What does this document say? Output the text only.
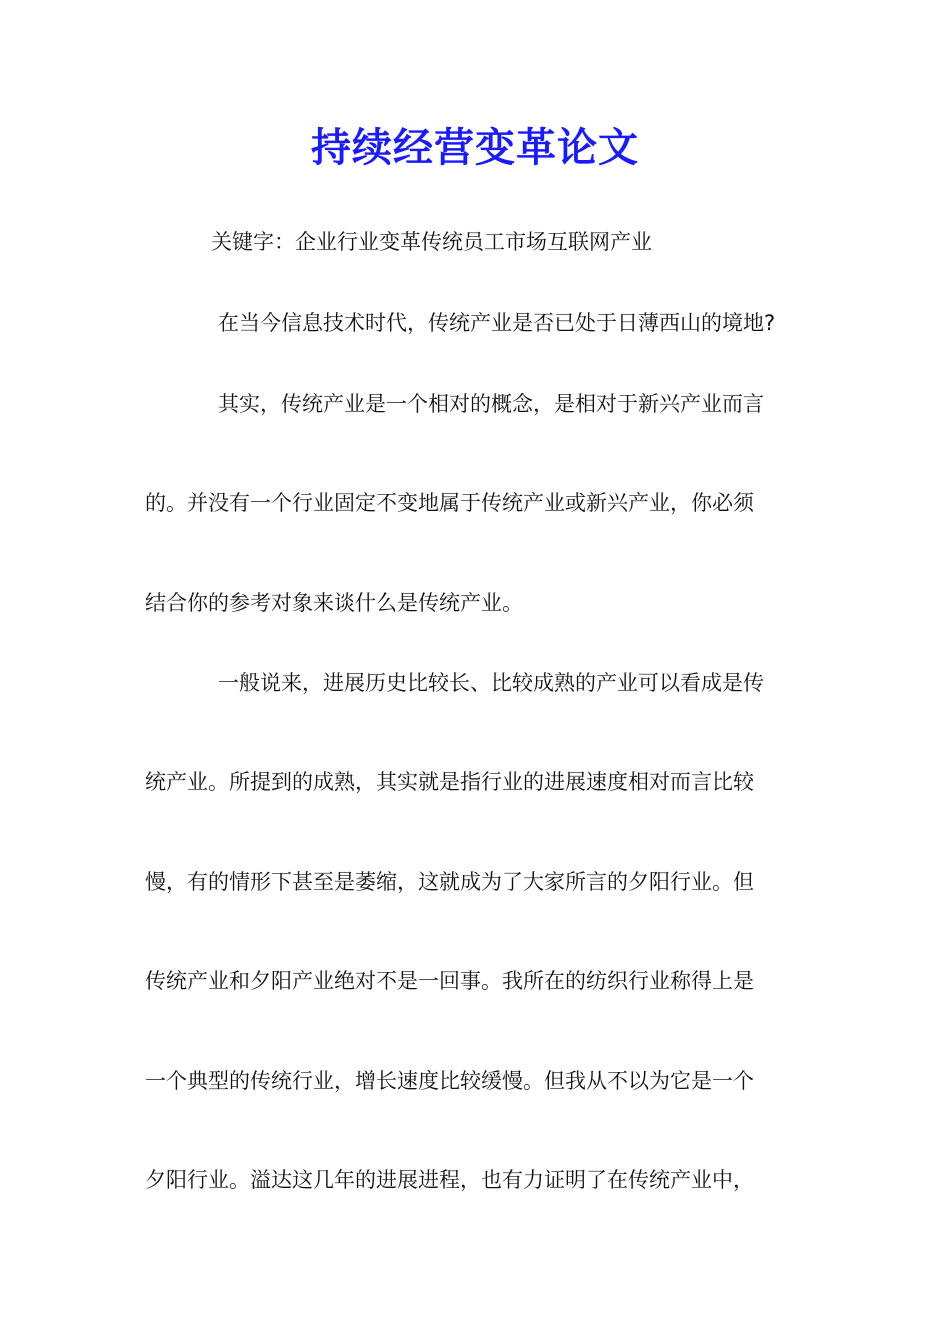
持续经营变革论文

关键字：企业行业变革传统员工市场互联网产业

在当今信息技术时代，传统产业是否已处于日薄西山的境地?

其实，传统产业是一个相对的概念，是相对于新兴产业而言

的。并没有一个行业固定不变地属于传统产业或新兴产业，你必须

结合你的参考对象来谈什么是传统产业。

一般说来，进展历史比较长、比较成熟的产业可以看成是传

统产业。所提到的成熟，其实就是指行业的进展速度相对而言比较

慢，有的情形下甚至是萎缩，这就成为了大家所言的夕阳行业。但

传统产业和夕阳产业绝对不是一回事。我所在的纺织行业称得上是

一个典型的传统行业，增长速度比较缓慢。但我从不以为它是一个

夕阳行业。溢达这几年的进展进程，也有力证明了在传统产业中，
